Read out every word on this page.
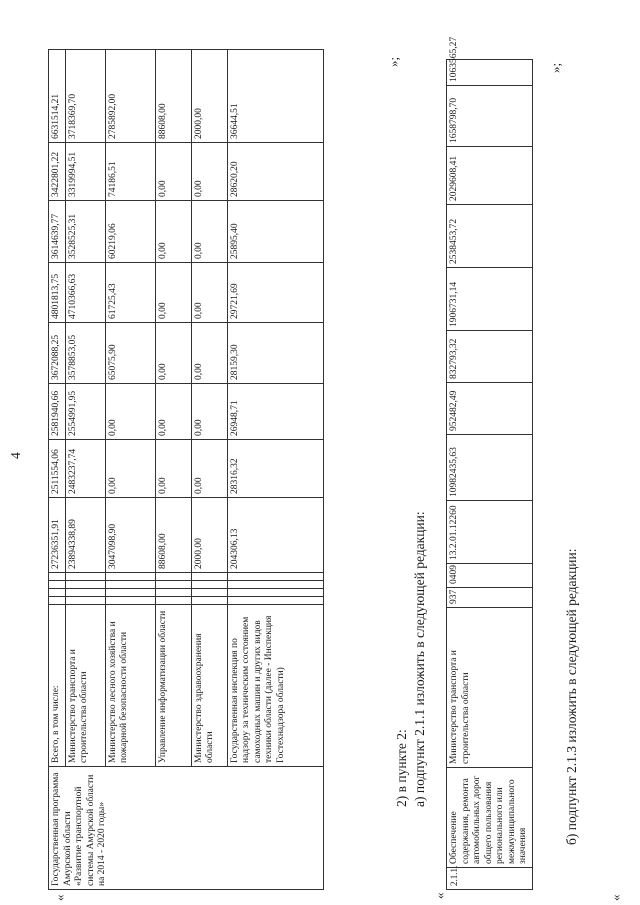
4
«
Государственная программа Амурской области «Развитие транспортной системы Амурской области на 2014 - 2020 годы»	Всего, в том числе:					27236351,91	2511554,06	2581940,66	3672088,25	4801813,75	3614639,77	3422801,22	6631514,21
	Министерство транспорта и строительства области					23894338,89	2483237,74	2554991,95	3578853,05	4710366,63	3528525,31	3319994,51	3718369,70
	Министерство лесного хозяйства и пожарной безопасности области					3047098,90	0,00	0,00	65075,90	61725,43	60219,06	74186,51	2785892,00
	Управление информатизации области					88608,00	0,00	0,00	0,00	0,00	0,00	0,00	88608,00
	Министерство здравоохранения области					2000,00	0,00	0,00	0,00	0,00	0,00	0,00	2000,00
	Государственная инспекция по надзору за техническим состоянием самоходных машин и других видов техники области (далее - Инспекция Гостехнадзора области)					204306,13	28316,32	26948,71	28159,30	29721,69	25895,40	28620,20	36644,51
»;
2) в пункте 2: а) подпункт 2.1.1 изложить в следующей редакции:
«
2.1.1.	Обеспечение содержания, ремонта автомобильных дорог общего пользования регионального или межмуниципального значения	Министерство транспорта и строительства области	937	0409	13.2.01.12260	10982435,63	952482,49	832793,32	1906731,14	2538453,72	2029608,41	1658798,70	1063565,27	»;
б) подпункт 2.1.3 изложить в следующей редакции:
«
